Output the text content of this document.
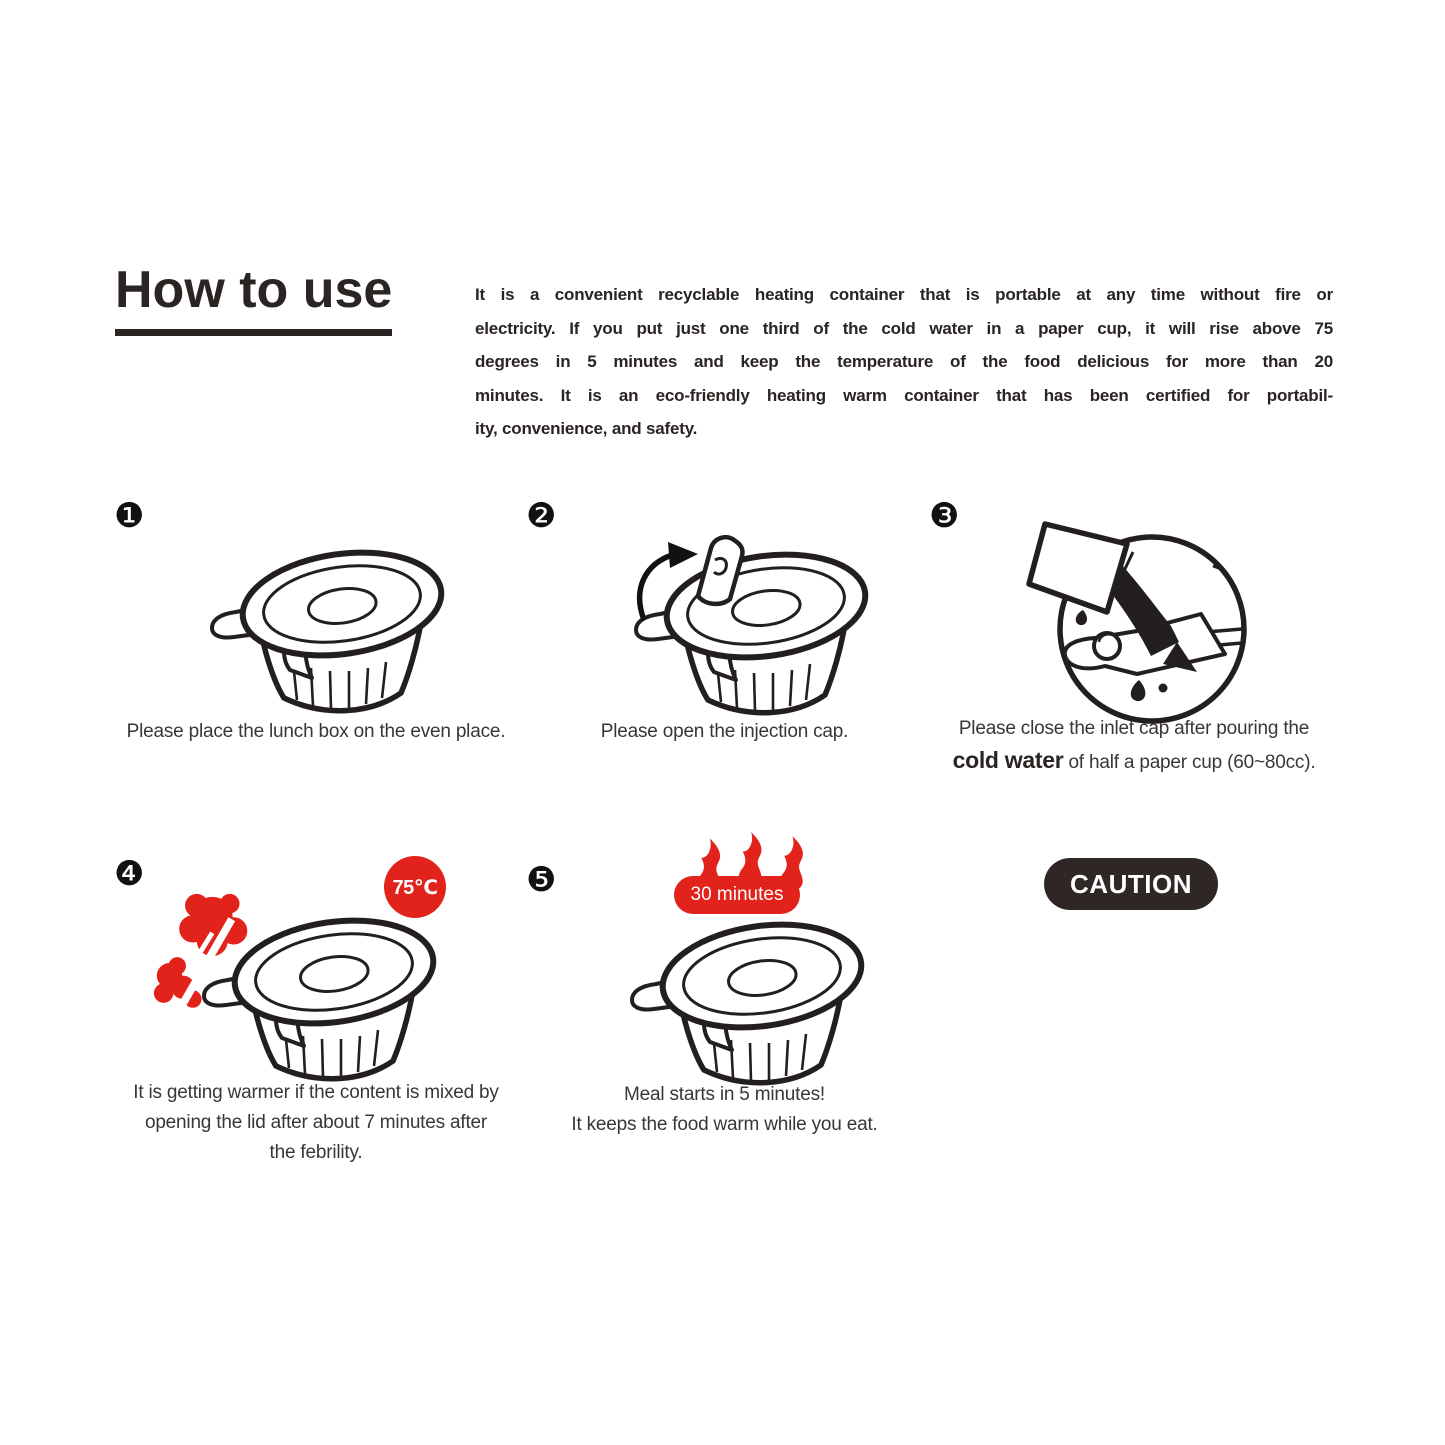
How to use	It is a convenient recyclable heating container that is portable at any time without fire or
electricity. If you put just one third of the cold water in a paper cup, it will rise above 75
degrees in 5 minutes and keep the temperature of the food delicious for more than 20
minutes. It is an eco-friendly heating warm container that has been certified for portabil-
ity, convenience, and safety.

❶

Please place the lunch box on the even place.

❷

Please open the injection cap.

❸

Please close the inlet cap after pouring the

cold water of half a paper cup (60~80cc).

❹	75℃

It is getting warmer if the content is mixed by
opening the lid after about 7 minutes after
the febrility.

❺	30 minutes

Meal starts in 5 minutes!
It keeps the food warm while you eat.

· Please discharge separately after meal.
· Box is the PP recycling products.
· The content of heating element is the environ-
mentally friendly material.
· Please process according to the waste
disposal regulation after using.
· Please be careful so that the children may not
touch or eat.
· Please be careful for the burn as the hot steam
is emitted toward the heated container and
water inlet when the febrility is progressed.
CAUTION
